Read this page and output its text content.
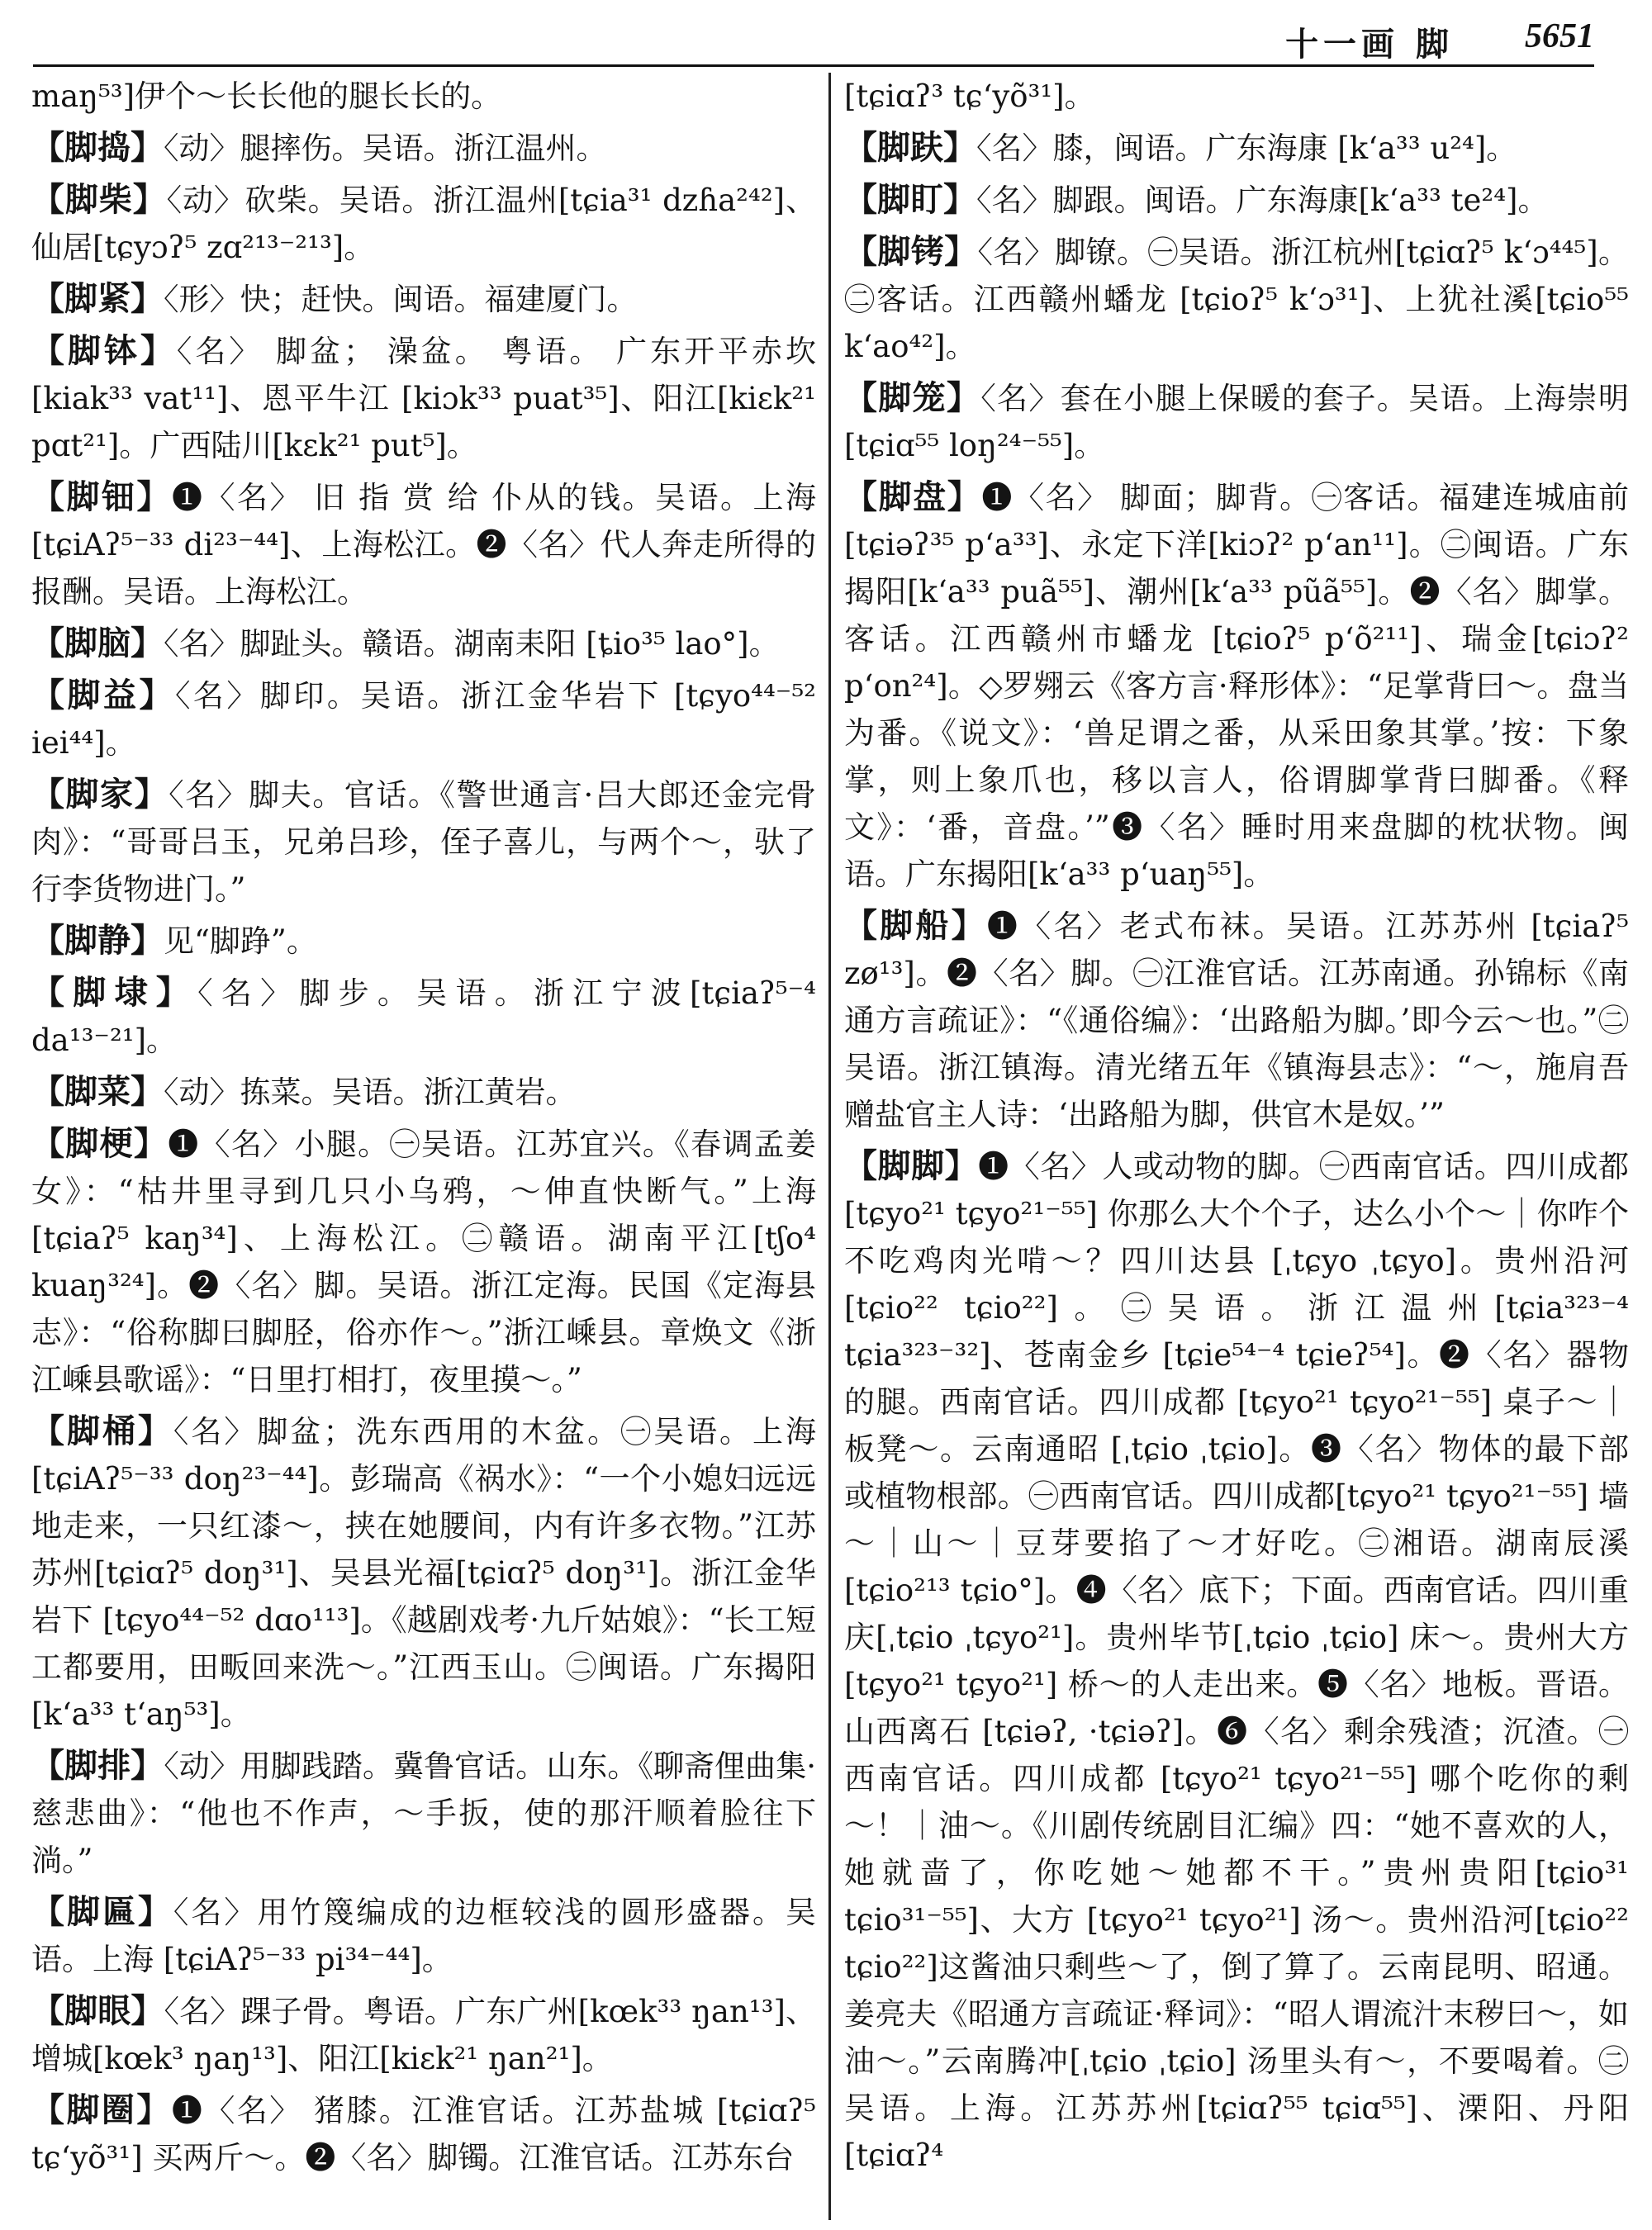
十一画 脚 5651
maŋ⁵³]伊个～长长他的腿长长的。
【脚捣】〈动〉腿摔伤。吴语。浙江温州。
【脚柴】〈动〉砍柴。吴语。浙江温州[tɕia³¹ dzɦa²⁴²]、仙居[tɕyɔʔ⁵ zɑ²¹³⁻²¹³]。
【脚紧】〈形〉快；赶快。闽语。福建厦门。
【脚钵】〈名〉 脚盆； 澡盆。 粤语。 广东开平赤坎[kiak³³ vat¹¹]、恩平牛江 [kiɔk³³ puat³⁵]、阳江[kiɛk²¹ pɑt²¹]。广西陆川[kɛk²¹ put⁵]。
【脚钿】❶〈名〉 旧 指 赏 给 仆从的钱。吴语。上海[tɕiAʔ⁵⁻³³ di²³⁻⁴⁴]、上海松江。❷〈名〉代人奔走所得的报酬。吴语。上海松江。
【脚脑】〈名〉脚趾头。赣语。湖南耒阳 [ȶio³⁵ lao°]。
【脚益】〈名〉脚印。吴语。浙江金华岩下 [tɕyo⁴⁴⁻⁵² iei⁴⁴]。
【脚家】〈名〉脚夫。官话。《警世通言·吕大郎还金完骨肉》：“哥哥吕玉，兄弟吕珍，侄子喜儿，与两个～，驮了行李货物进门。”
【脚静】见“脚踭”。
【脚埭】〈名〉脚步。吴语。浙江宁波[tɕiaʔ⁵⁻⁴ da¹³⁻²¹]。
【脚菜】〈动〉拣菜。吴语。浙江黄岩。
【脚梗】❶〈名〉小腿。㊀吴语。江苏宜兴。《春调孟姜女》：“枯井里寻到几只小乌鸦，～伸直快断气。”上海[tɕiaʔ⁵ kaŋ³⁴]、上海松江。㊁赣语。湖南平江[tʃo⁴ kuaŋ³²⁴]。❷〈名〉脚。吴语。浙江定海。民国《定海县志》：“俗称脚曰脚胫，俗亦作～。”浙江嵊县。章焕文《浙江嵊县歌谣》：“日里打相打，夜里摸～。”
【脚桶】〈名〉脚盆；洗东西用的木盆。㊀吴语。上海[tɕiAʔ⁵⁻³³ doŋ²³⁻⁴⁴]。彭瑞高《祸水》：“一个小媳妇远远地走来，一只红漆～，挟在她腰间，内有许多衣物。”江苏苏州[tɕiɑʔ⁵ doŋ³¹]、吴县光福[tɕiɑʔ⁵ doŋ³¹]。浙江金华岩下 [tɕyo⁴⁴⁻⁵² dɑo¹¹³]。《越剧戏考·九斤姑娘》：“长工短工都要用，田畈回来洗～。”江西玉山。㊁闽语。广东揭阳[k‘a³³ t‘aŋ⁵³]。
【脚排】〈动〉用脚践踏。冀鲁官话。山东。《聊斋俚曲集·慈悲曲》：“他也不作声，～手扳，使的那汗顺着脸往下淌。”
【脚匾】〈名〉用竹篾编成的边框较浅的圆形盛器。吴语。上海 [tɕiAʔ⁵⁻³³ pi³⁴⁻⁴⁴]。
【脚眼】〈名〉踝子骨。粤语。广东广州[kœk³³ ŋan¹³]、增城[kœk³ ŋaŋ¹³]、阳江[kiɛk²¹ ŋan²¹]。
【脚圈】❶〈名〉 猪膝。江淮官话。江苏盐城 [tɕiɑʔ⁵ tɕ‘yõ³¹] 买两斤～。❷〈名〉脚镯。江淮官话。江苏东台
[tɕiɑʔ³ tɕ‘yõ³¹]。
【脚趺】〈名〉膝，闽语。广东海康 [k‘a³³ u²⁴]。
【脚盯】〈名〉脚跟。闽语。广东海康[k‘a³³ te²⁴]。
【脚铐】〈名〉脚镣。㊀吴语。浙江杭州[tɕiɑʔ⁵ k‘ɔ⁴⁴⁵]。㊁客话。江西赣州蟠龙 [tɕioʔ⁵ k‘ɔ³¹]、上犹社溪[tɕio⁵⁵ k‘ao⁴²]。
【脚笼】〈名〉套在小腿上保暖的套子。吴语。上海崇明[tɕiɑ⁵⁵ loŋ²⁴⁻⁵⁵]。
【脚盘】❶〈名〉 脚面；脚背。㊀客话。福建连城庙前 [tɕiəʔ³⁵ p‘a³³]、永定下洋[kiɔʔ² p‘an¹¹]。㊁闽语。广东揭阳[k‘a³³ puã⁵⁵]、潮州[k‘a³³ pũã⁵⁵]。❷〈名〉脚掌。客话。江西赣州市蟠龙 [tɕioʔ⁵ p‘õ²¹¹]、瑞金[tɕiɔʔ² p‘on²⁴]。◇罗翙云《客方言·释形体》：“足掌背曰～。盘当为番。《说文》：‘兽足谓之番，从采田象其掌。’按：下象掌，则上象爪也，移以言人，俗谓脚掌背曰脚番。《释文》：‘番，音盘。’”❸〈名〉睡时用来盘脚的枕状物。闽语。广东揭阳[k‘a³³ p‘uaŋ⁵⁵]。
【脚船】❶〈名〉老式布袜。吴语。江苏苏州 [tɕiaʔ⁵ zø¹³]。❷〈名〉脚。㊀江淮官话。江苏南通。孙锦标《南通方言疏证》：“《通俗编》：‘出路船为脚。’即今云～也。”㊁吴语。浙江镇海。清光绪五年《镇海县志》：“～，施肩吾赠盐官主人诗：‘出路船为脚，供官木是奴。’”
【脚脚】❶〈名〉人或动物的脚。㊀西南官话。四川成都 [tɕyo²¹ tɕyo²¹⁻⁵⁵] 你那么大个个子，达么小个～｜你咋个不吃鸡肉光啃～？四川达县 [ˌtɕyo ˌtɕyo]。贵州沿河[tɕio²² tɕio²²]。㊁吴语。浙江温州[tɕia³²³⁻⁴ tɕia³²³⁻³²]、苍南金乡 [tɕie⁵⁴⁻⁴ tɕieʔ⁵⁴]。❷〈名〉器物的腿。西南官话。四川成都 [tɕyo²¹ tɕyo²¹⁻⁵⁵] 桌子～｜板凳～。云南通昭 [ˌtɕio ˌtɕio]。❸〈名〉物体的最下部或植物根部。㊀西南官话。四川成都[tɕyo²¹ tɕyo²¹⁻⁵⁵] 墙～｜山～｜豆芽要掐了～才好吃。㊁湘语。湖南辰溪 [tɕio²¹³ tɕio°]。❹〈名〉底下；下面。西南官话。四川重庆[ˌtɕio ˌtɕyo²¹]。贵州毕节[ˌtɕio ˌtɕio] 床～。贵州大方 [tɕyo²¹ tɕyo²¹] 桥～的人走出来。❺〈名〉地板。晋语。山西离石 [tɕiəʔ, ·tɕiəʔ]。❻〈名〉剩余残渣；沉渣。㊀西南官话。四川成都 [tɕyo²¹ tɕyo²¹⁻⁵⁵] 哪个吃你的剩～！｜油～。《川剧传统剧目汇编》四：“她不喜欢的人，她就啬了，你吃她～她都不干。”贵州贵阳[tɕio³¹ tɕio³¹⁻⁵⁵]、大方 [tɕyo²¹ tɕyo²¹] 汤～。贵州沿河[tɕio²² tɕio²²]这酱油只剩些～了，倒了算了。云南昆明、昭通。姜亮夫《昭通方言疏证·释词》：“昭人谓流汁末秽曰～，如油～。”云南腾冲[ˌtɕio ˌtɕio] 汤里头有～，不要喝着。㊁吴语。上海。江苏苏州[tɕiɑʔ⁵⁵ tɕiɑ⁵⁵]、溧阳、丹阳[tɕiɑʔ⁴
